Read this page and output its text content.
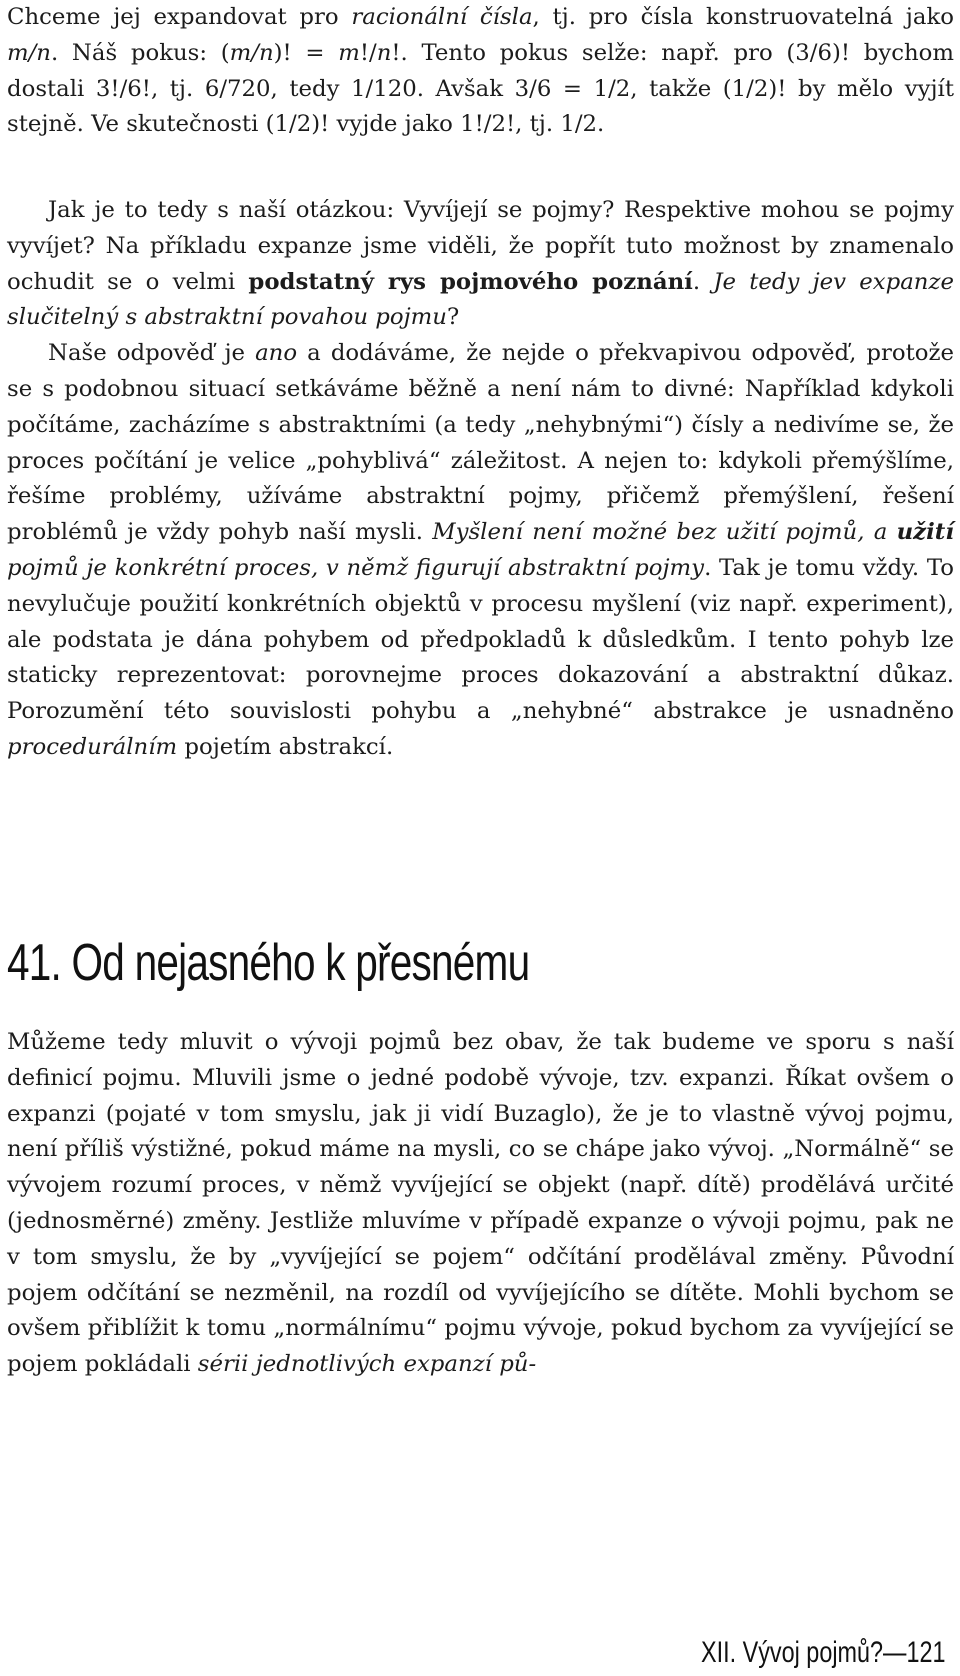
Chceme jej expandovat pro racionální čísla, tj. pro čísla konstruovatelná jako m/n. Náš pokus: (m/n)! = m!/n!. Tento pokus selže: např. pro (3/6)! bychom dostali 3!/6!, tj. 6/720, tedy 1/120. Avšak 3/6 = 1/2, takže (1/2)! by mělo vyjít stejně. Ve skutečnosti (1/2)! vyjde jako 1!/2!, tj. 1/2.

Jak je to tedy s naší otázkou: Vyvíjejí se pojmy? Respektive mohou se pojmy vyvíjet? Na příkladu expanze jsme viděli, že popřít tuto možnost by znamenalo ochudit se o velmi podstatný rys pojmového poznání. Je tedy jev expanze slučitelný s abstraktní povahou pojmu?

Naše odpověď je ano a dodáváme, že nejde o překvapivou odpověď, protože se s podobnou situací setkáváme běžně a není nám to divné: Například kdykoli počítáme, zacházíme s abstraktními (a tedy „nehybnými“) čísly a nedivíme se, že proces počítání je velice „pohyblivá“ záležitost. A nejen to: kdykoli přemýšlíme, řešíme problémy, užíváme abstraktní pojmy, přičemž přemýšlení, řešení problémů je vždy pohyb naší mysli. Myšlení není možné bez užití pojmů, a užití pojmů je konkrétní proces, v němž figurují abstraktní pojmy. Tak je tomu vždy. To nevylučuje použití konkrétních objektů v procesu myšlení (viz např. experiment), ale podstata je dána pohybem od předpokladů k důsledkům. I tento pohyb lze staticky reprezentovat: porovnejme proces dokazování a abstraktní důkaz. Porozumění této souvislosti pohybu a „nehybné“ abstrakce je usnadněno procedurálním pojetím abstrakcí.

41. Od nejasného k přesnému

Můžeme tedy mluvit o vývoji pojmů bez obav, že tak budeme ve sporu s naší definicí pojmu. Mluvili jsme o jedné podobě vývoje, tzv. expanzi. Říkat ovšem o expanzi (pojaté v tom smyslu, jak ji vidí Buzaglo), že je to vlastně vývoj pojmu, není příliš výstižné, pokud máme na mysli, co se chápe jako vývoj. „Normálně“ se vývojem rozumí proces, v němž vyvíjející se objekt (např. dítě) prodělává určité (jednosměrné) změny. Jestliže mluvíme v případě expanze o vývoji pojmu, pak ne v tom smyslu, že by „vyvíjející se pojem“ odčítání prodělával změny. Původní pojem odčítání se nezměnil, na rozdíl od vyvíjejícího se dítěte. Mohli bychom se ovšem přiblížit k tomu „normálnímu“ pojmu vývoje, pokud bychom za vyvíjející se pojem pokládali sérii jednotlivých expanzí pů-

XII. Vývoj pojmů?—121
